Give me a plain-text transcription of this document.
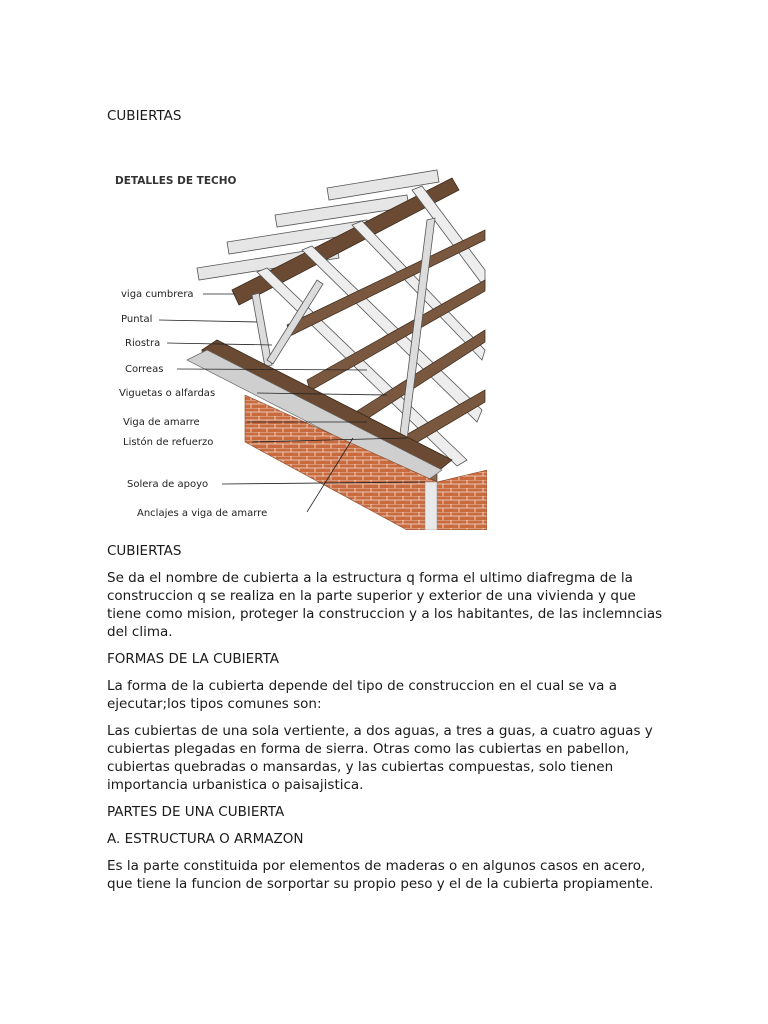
CUBIERTAS
DETALLES DE TECHO
viga cumbrera
Puntal
Riostra
Correas
Viguetas o alfardas
Viga de amarre
Listón de refuerzo
Solera de apoyo
Anclajes a viga de amarre

CUBIERTAS

Se da el nombre de cubierta a la estructura q forma el ultimo diafregma de la construccion q se realiza en la parte superior y exterior de una vivienda y que tiene como mision, proteger la construccion y a los habitantes, de las inclemncias del clima.

FORMAS DE LA CUBIERTA

La forma de la cubierta depende del tipo de construccion en el cual se va a ejecutar;los tipos comunes son:

Las cubiertas de una sola vertiente, a dos aguas, a tres a guas, a cuatro aguas y cubiertas plegadas en forma de sierra. Otras como las cubiertas en pabellon, cubiertas quebradas o mansardas, y las cubiertas compuestas, solo tienen importancia urbanistica o paisajistica.

PARTES DE UNA CUBIERTA

A. ESTRUCTURA O ARMAZON

Es la parte constituida por elementos de maderas o en algunos casos en acero, que tiene la funcion de sorportar su propio peso y el de la cubierta propiamente.
